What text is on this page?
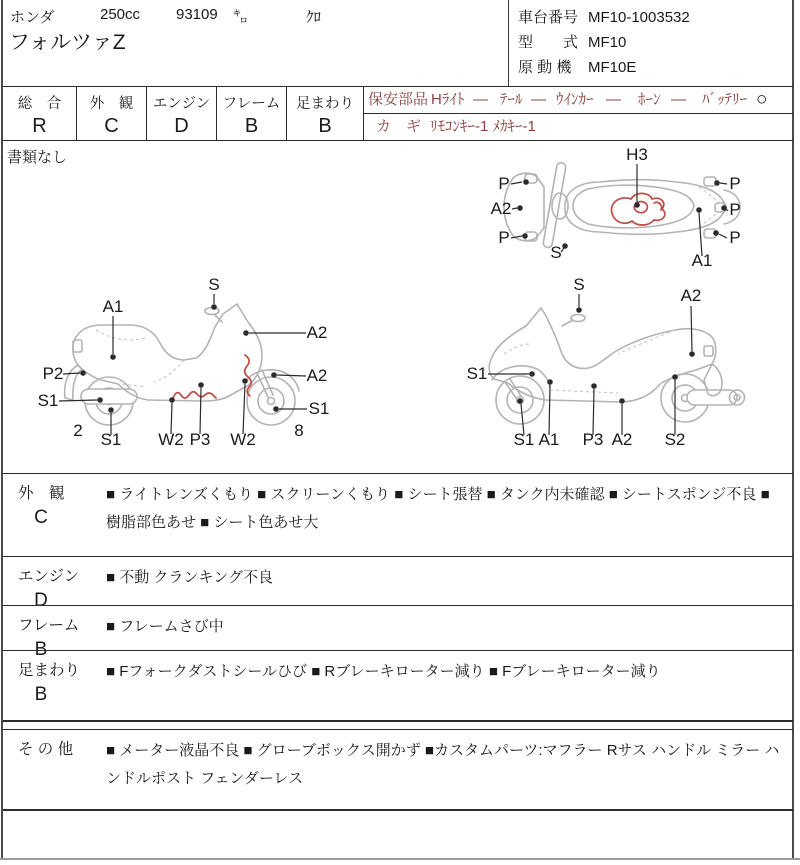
ホンダ	250cc 93109 ㌔	ｸﾛ
フォルツァZ
車台番号 MF10-1003532
型　　式 MF10
原 動 機 MF10E
総　合
R
外　観
C
エンジン
D
フレーム
B
足まわり
B
保安部品 Hﾗｲﾄ — ﾃｰﾙ — ｳｲﾝｶｰ — ﾎｰﾝ — ﾊﾞｯﾃﾘｰ ○
カ　ギ ﾘﾓｺﾝｷｰ-1 ﾒｶｷｰ-1
書類なし	H3
P
A2
P
S
P
P
P
A1
A1
S
A2
P2	A2
S1
S1
2
S1
W2 P3 W2 8
S
A2
S1
S1 A1 P3 A2 S2
外　観
C
■ ライトレンズくもり ■ スクリーンくもり ■ シート張替 ■ タンク内未確認 ■ シートスポンジ不良 ■ 樹脂部色あせ ■ シート色あせ大
エンジン
D
■ 不動 クランキング不良
フレーム
B
■ フレームさび中
足まわり
B
■ Fフォークダストシールひび ■ Rブレーキローター減り ■ Fブレーキローター減り
そ の 他 ■ メーター液晶不良 ■ グローブボックス開かず ■カスタムパーツ:マフラー Rサス ハンドル ミラー ハンドルポスト フェンダーレス
